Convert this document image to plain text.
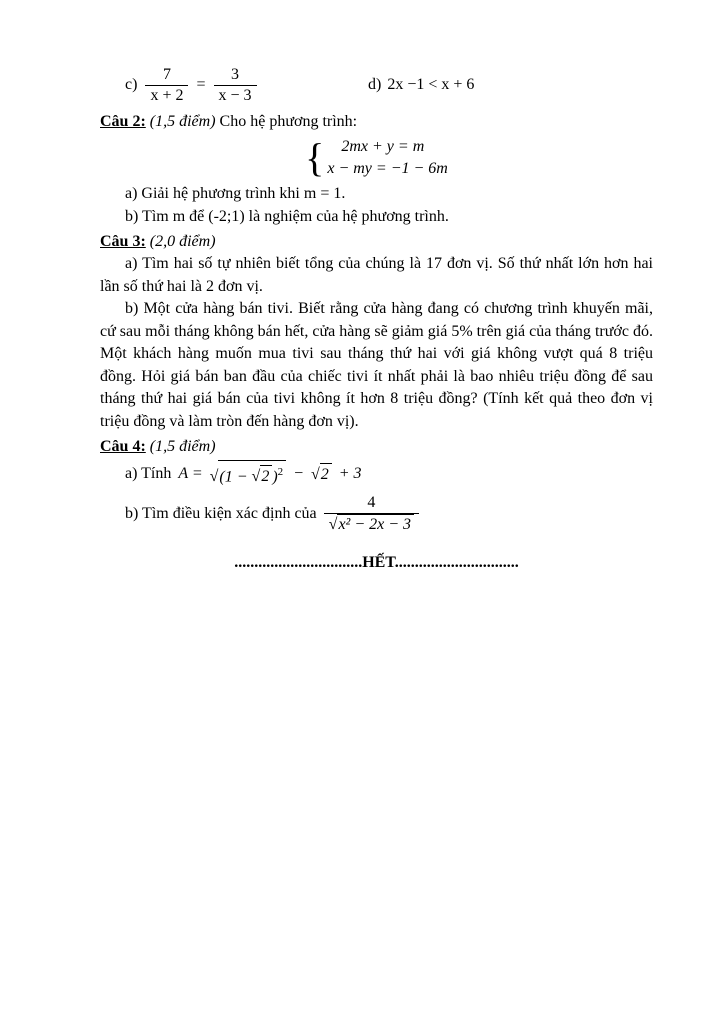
$c) \frac{7}{x + 2} = \frac{3}{x - 3}$	d) 2x −1 < x + 6
Câu 2: (1,5 điểm) Cho hệ phương trình:
{	2mx + y = m
x − my = −1 − 6m
a) Giải hệ phương trình khi m = 1.
b) Tìm m để (-2;1) là nghiệm của hệ phương trình.
Câu 3: (2,0 điểm)

a) Tìm hai số tự nhiên biết tổng của chúng là 17 đơn vị. Số thứ nhất lớn hơn hai lần số thứ hai là 2 đơn vị.

b) Một cửa hàng bán tivi. Biết rằng cửa hàng đang có chương trình khuyến mãi, cứ sau mỗi tháng không bán hết, cửa hàng sẽ giảm giá 5% trên giá của tháng trước đó. Một khách hàng muốn mua tivi sau tháng thứ hai với giá không vượt quá 8 triệu đồng. Hỏi giá bán ban đầu của chiếc tivi ít nhất phải là bao nhiêu triệu đồng để sau tháng thứ hai giá bán của tivi không ít hơn 8 triệu đồng? (Tính kết quả theo đơn vị triệu đồng và làm tròn đến hàng đơn vị).

Câu 4: (1,5 điểm)
a) Tính A = √(1 − √2 )$^2$ − √2 + 3
b) Tìm điều kiện xác định của $\frac{4}{\text{√x² − 2x − 3}}$
................................HẾT...............................
